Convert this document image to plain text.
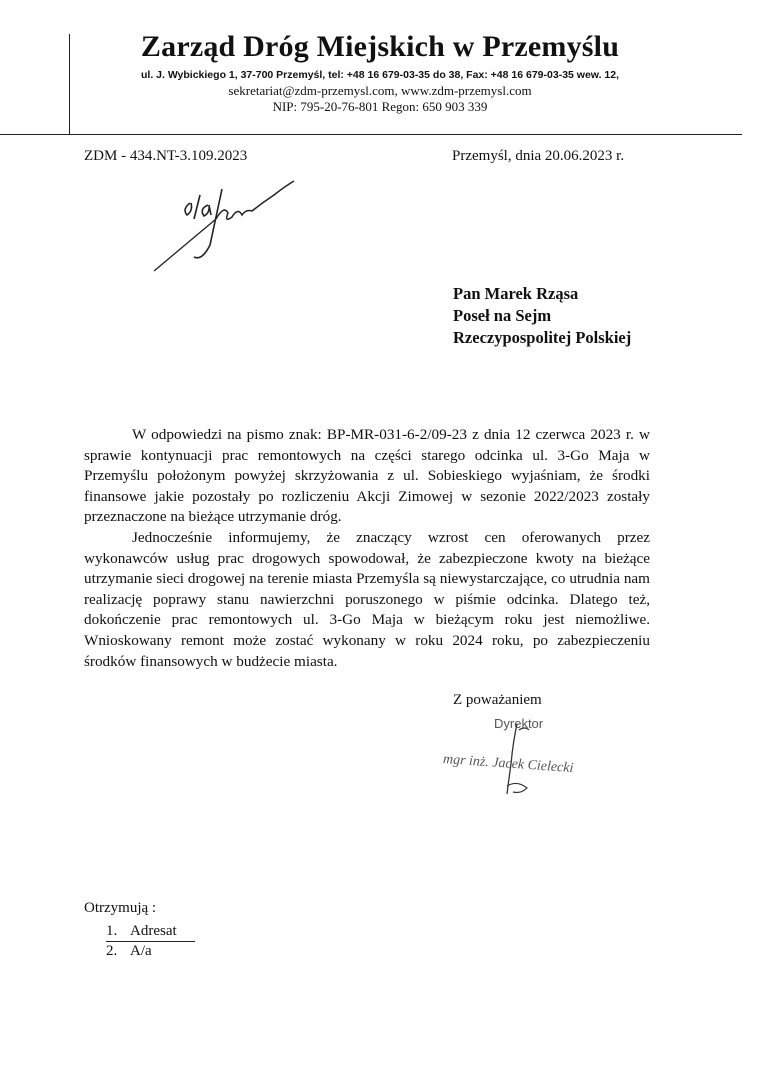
Zarząd Dróg Miejskich w Przemyślu
ul. J. Wybickiego 1, 37-700 Przemyśl, tel: +48 16 679-03-35 do 38, Fax: +48 16 679-03-35 wew. 12,
sekretariat@zdm-przemysl.com, www.zdm-przemysl.com
NIP: 795-20-76-801 Regon: 650 903 339
ZDM - 434.NT-3.109.2023	Przemyśl, dnia 20.06.2023 r.
Pan Marek Rząsa
Poseł na Sejm
Rzeczypospolitej Polskiej

W odpowiedzi na pismo znak: BP-MR-031-6-2/09-23 z dnia 12 czerwca 2023 r. w sprawie kontynuacji prac remontowych na części starego odcinka ul. 3-Go Maja w Przemyślu położonym powyżej skrzyżowania z ul. Sobieskiego wyjaśniam, że środki finansowe jakie pozostały po rozliczeniu Akcji Zimowej w sezonie 2022/2023 zostały przeznaczone na bieżące utrzymanie dróg.

Jednocześnie informujemy, że znaczący wzrost cen oferowanych przez wykonawców usług prac drogowych spowodował, że zabezpieczone kwoty na bieżące utrzymanie sieci drogowej na terenie miasta Przemyśla są niewystarczające, co utrudnia nam realizację poprawy stanu nawierzchni poruszonego w piśmie odcinka. Dlatego też, dokończenie prac remontowych ul. 3-Go Maja w bieżącym roku jest niemożliwe. Wnioskowany remont może zostać wykonany w roku 2024 roku, po zabezpieczeniu środków finansowych w budżecie miasta.

Z poważaniem
Dyrektor
mgr inż. Jacek Cielecki
Otrzymują :
1. Adresat
2. A/a
